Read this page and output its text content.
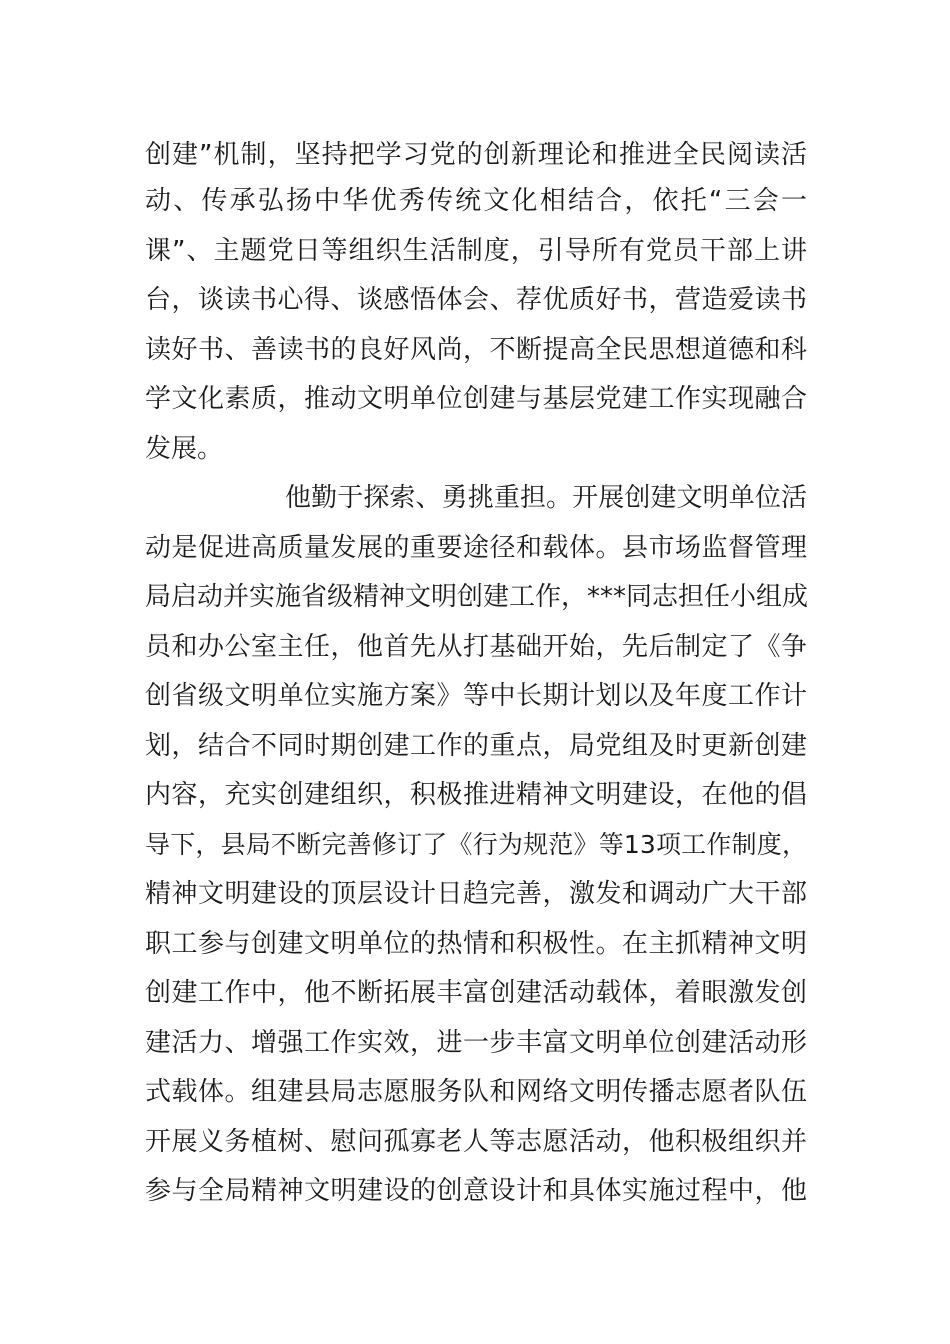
创建”机制，坚持把学习党的创新理论和推进全民阅读活
动、传承弘扬中华优秀传统文化相结合，依托“三会一
课”、主题党日等组织生活制度，引导所有党员干部上讲
台，谈读书心得、谈感悟体会、荐优质好书，营造爱读书
读好书、善读书的良好风尚，不断提高全民思想道德和科
学文化素质，推动文明单位创建与基层党建工作实现融合
发展。
他勤于探索、勇挑重担。开展创建文明单位活
动是促进高质量发展的重要途径和载体。县市场监督管理
局启动并实施省级精神文明创建工作，***同志担任小组成
员和办公室主任，他首先从打基础开始，先后制定了《争
创省级文明单位实施方案》等中长期计划以及年度工作计
划，结合不同时期创建工作的重点，局党组及时更新创建
内容，充实创建组织，积极推进精神文明建设，在他的倡
导下，县局不断完善修订了《行为规范》等13项工作制度，
精神文明建设的顶层设计日趋完善，激发和调动广大干部
职工参与创建文明单位的热情和积极性。在主抓精神文明
创建工作中，他不断拓展丰富创建活动载体，着眼激发创
建活力、增强工作实效，进一步丰富文明单位创建活动形
式载体。组建县局志愿服务队和网络文明传播志愿者队伍
开展义务植树、慰问孤寡老人等志愿活动，他积极组织并
参与全局精神文明建设的创意设计和具体实施过程中，他
